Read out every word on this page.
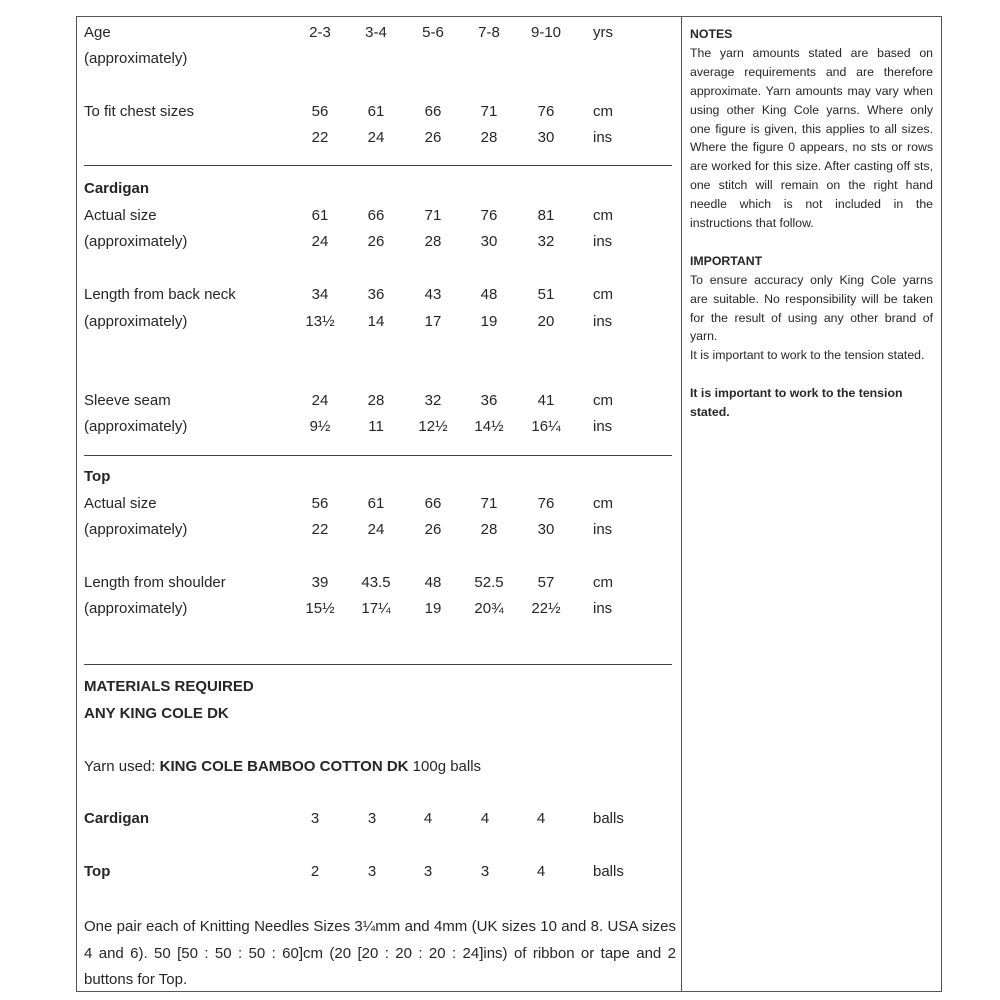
Age	2-3 3-4 5-6 7-8 9-10 yrs
(approximately)
To fit chest sizes	56	61	66	71	76	cm
22	24	26	28	30	ins
Cardigan
Actual size	61	66	71	76	81	cm
(approximately)	24	26	28	30	32	ins
Length from back neck	34	36	43	48	51	cm
(approximately)	13½ 14	17	19	20	ins
Sleeve seam	24	28	32	36	41	cm
(approximately)	9½	11 12½ 14½ 16¼ ins
Top
Actual size	56	61	66	71	76	cm
(approximately)	22	24	26	28	30	ins
Length from shoulder	39 43.5 48 52.5 57	cm
(approximately)	15½ 17¼ 19 20¾ 22½ ins
MATERIALS REQUIRED
ANY KING COLE DK
Yarn used: KING COLE BAMBOO COTTON DK 100g balls
Cardigan	3	3	4	4	4	balls
Top	2	3	3	3	4	balls
One pair each of Knitting Needles Sizes 3¼mm and 4mm (UK sizes 10 and 8. USA sizes 4 and 6). 50 [50 : 50 : 50 : 60]cm (20 [20 : 20 : 20 : 24]ins) of ribbon or tape and 2 buttons for Top.

NOTES

The yarn amounts stated are based on average requirements and are therefore approximate. Yarn amounts may vary when using other King Cole yarns. Where only one figure is given, this applies to all sizes. Where the figure 0 appears, no sts or rows are worked for this size. After casting off sts, one stitch will remain on the right hand needle which is not included in the instructions that follow.

IMPORTANT

To ensure accuracy only King Cole yarns are suitable. No responsibility will be taken for the result of using any other brand of yarn.

It is important to work to the tension stated.

It is important to work to the tension stated.
